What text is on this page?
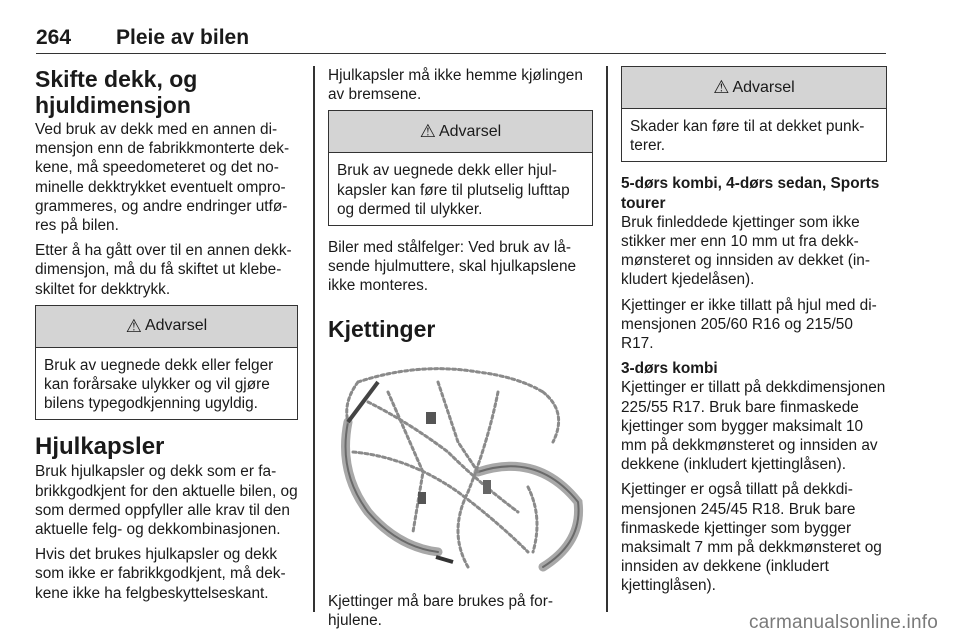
264 Pleie av bilen
Skifte dekk, og hjuldimensjon

Ved bruk av dekk med en annen dimensjon enn de fabrikkmonterte dekkene, må speedometeret og det nominelle dekktrykket eventuelt omprogrammeres, og andre endringer utføres på bilen.

Etter å ha gått over til en annen dekkdimensjon, må du få skiftet ut klebeskiltet for dekktrykk.

⚠ Advarsel
Bruk av uegnede dekk eller felger kan forårsake ulykker og vil gjøre bilens typegodkjenning ugyldig.
Hjulkapsler

Bruk hjulkapsler og dekk som er fabrikkgodkjent for den aktuelle bilen, og som dermed oppfyller alle krav til den aktuelle felg- og dekkombinasjonen.

Hvis det brukes hjulkapsler og dekk som ikke er fabrikkgodkjent, må dekkene ikke ha felgbeskyttelseskant.

Hjulkapsler må ikke hemme kjølingen av bremsene.

⚠ Advarsel
Bruk av uegnede dekk eller hjulkapsler kan føre til plutselig lufttap og dermed til ulykker.

Biler med stålfelger: Ved bruk av låsende hjulmuttere, skal hjulkapslene ikke monteres.

Kjettinger

Kjettinger må bare brukes på forhjulene.

⚠ Advarsel
Skader kan føre til at dekket punkterer.
5-dørs kombi, 4-dørs sedan, Sports tourer

Bruk finleddede kjettinger som ikke stikker mer enn 10 mm ut fra dekkmønsteret og innsiden av dekket (inkludert kjedelåsen).

Kjettinger er ikke tillatt på hjul med dimensjonen 205/60 R16 og 215/50 R17.

3-dørs kombi

Kjettinger er tillatt på dekkdimensjonen 225/55 R17. Bruk bare finmaskede kjettinger som bygger maksimalt 10 mm på dekkmønsteret og innsiden av dekkene (inkludert kjettinglåsen).

Kjettinger er også tillatt på dekkdimensjonen 245/45 R18. Bruk bare finmaskede kjettinger som bygger maksimalt 7 mm på dekkmønsteret og innsiden av dekkene (inkludert kjettinglåsen).

carmanualsonline.info
